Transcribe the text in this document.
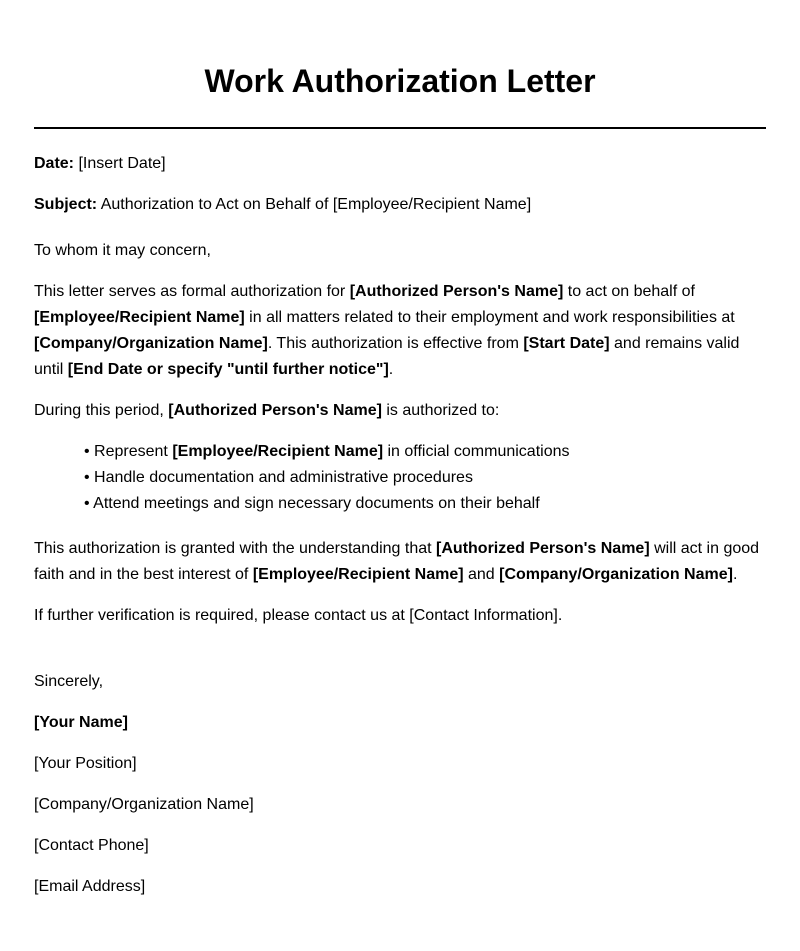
Work Authorization Letter

Date: [Insert Date]

Subject: Authorization to Act on Behalf of [Employee/Recipient Name]

To whom it may concern,

This letter serves as formal authorization for [Authorized Person's Name] to act on behalf of [Employee/Recipient Name] in all matters related to their employment and work responsibilities at [Company/Organization Name]. This authorization is effective from [Start Date] and remains valid until [End Date or specify "until further notice"].

During this period, [Authorized Person's Name] is authorized to:

• Represent [Employee/Recipient Name] in official communications
• Handle documentation and administrative procedures
• Attend meetings and sign necessary documents on their behalf

This authorization is granted with the understanding that [Authorized Person's Name] will act in good faith and in the best interest of [Employee/Recipient Name] and [Company/Organization Name].

If further verification is required, please contact us at [Contact Information].

Sincerely,

[Your Name]

[Your Position]

[Company/Organization Name]

[Contact Phone]

[Email Address]
